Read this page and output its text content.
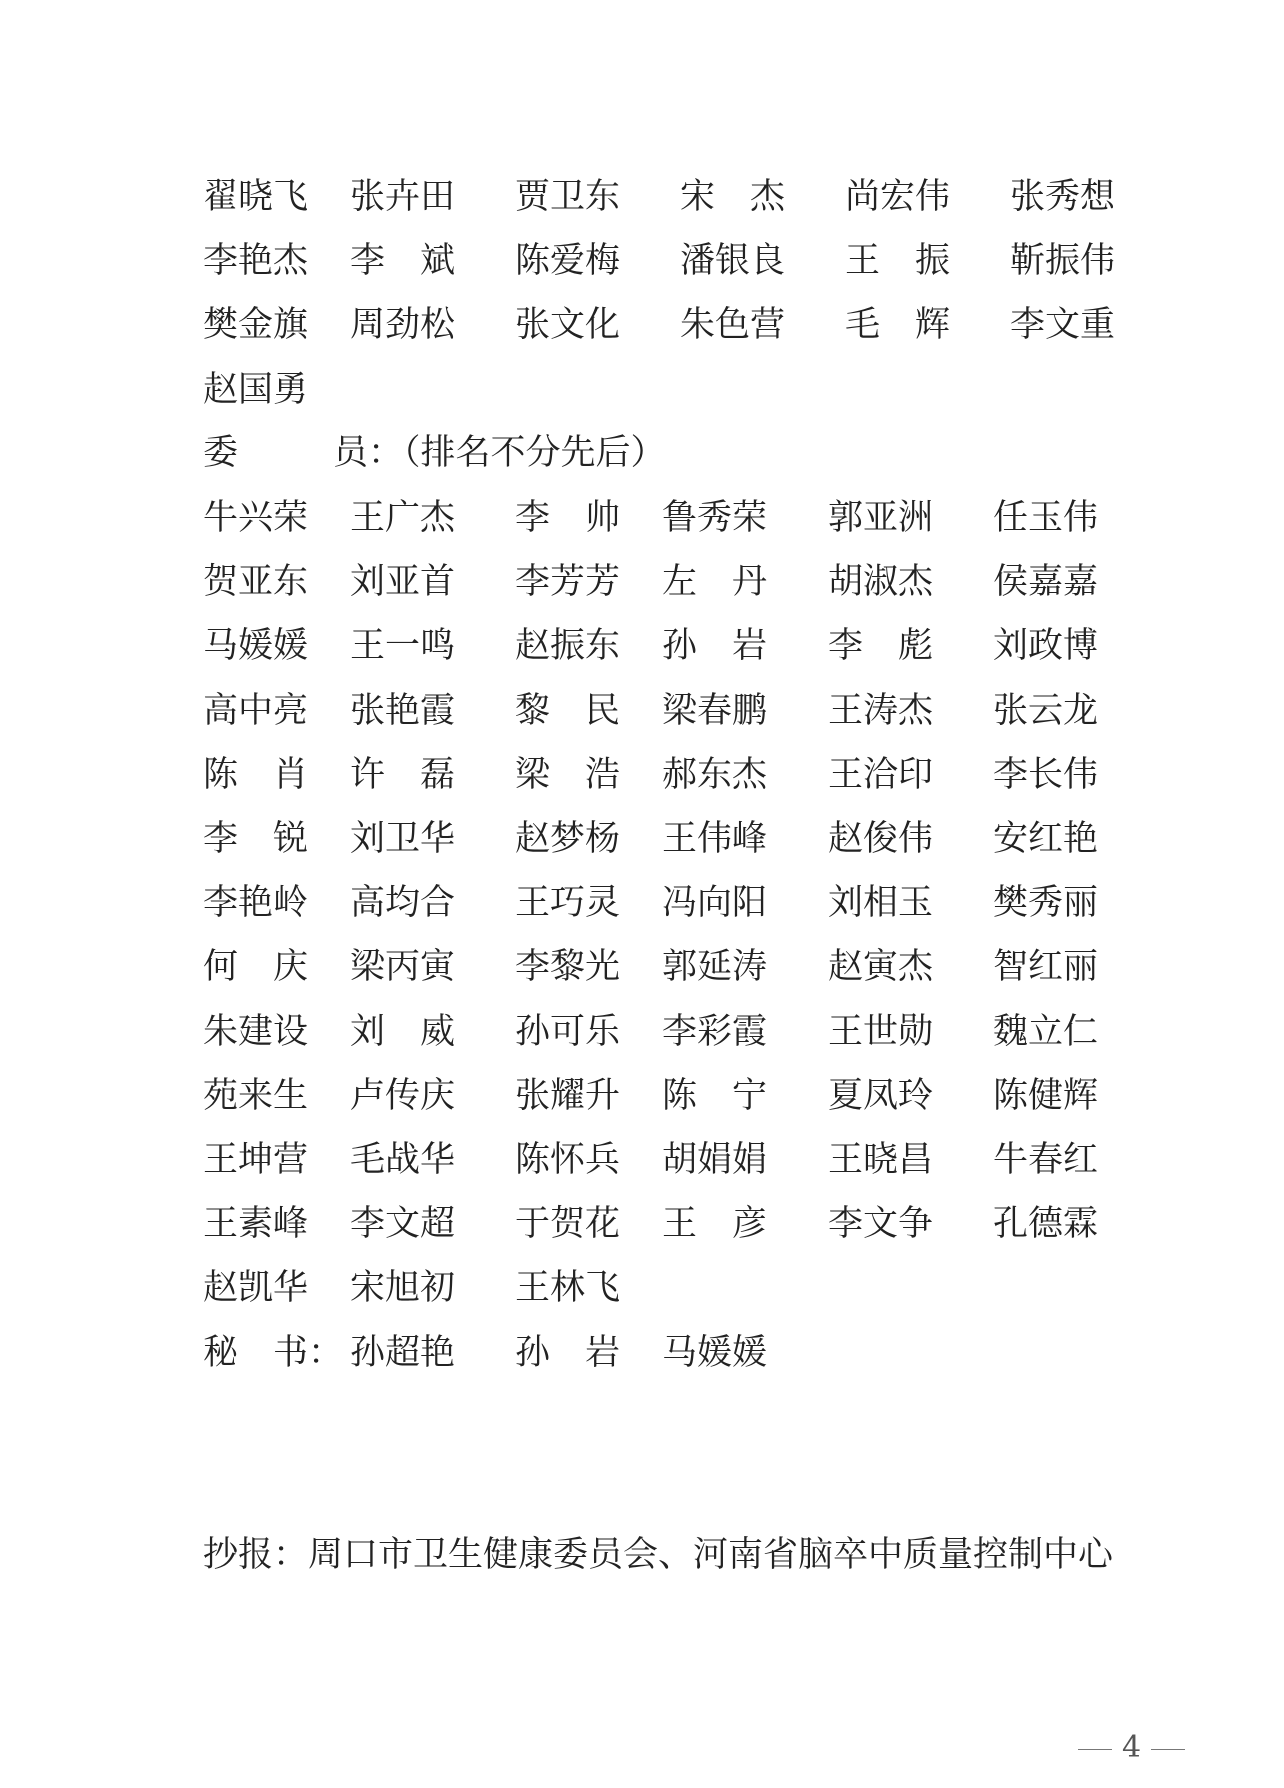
翟晓飞 张卉田 贾卫东 宋　杰 尚宏伟 张秀想
李艳杰 李　斌 陈爱梅 潘银良 王　振 靳振伟
樊金旗 周劲松 张文化 朱色营 毛　辉 李文重
赵国勇
委	员：（排名不分先后）
牛兴荣 王广杰 李　帅 鲁秀荣 郭亚洲 任玉伟
贺亚东 刘亚首 李芳芳 左　丹 胡淑杰 侯嘉嘉
马媛媛 王一鸣 赵振东 孙　岩 李　彪 刘政博
高中亮 张艳霞 黎　民 梁春鹏 王涛杰 张云龙
陈　肖 许　磊 梁　浩 郝东杰 王洽印 李长伟
李　锐 刘卫华 赵梦杨 王伟峰 赵俊伟 安红艳
李艳岭 高均合 王巧灵 冯向阳 刘相玉 樊秀丽
何　庆 梁丙寅 李黎光 郭延涛 赵寅杰 智红丽
朱建设 刘　威 孙可乐 李彩霞 王世勋 魏立仁
苑来生 卢传庆 张耀升 陈　宁 夏凤玲 陈健辉
王坤营 毛战华 陈怀兵 胡娟娟 王晓昌 牛春红
王素峰 李文超 于贺花 王　彦 李文争 孔德霖
赵凯华 宋旭初 王林飞
秘　书： 孙超艳 孙　岩 马媛媛
抄报：周口市卫生健康委员会、河南省脑卒中质量控制中心
4
